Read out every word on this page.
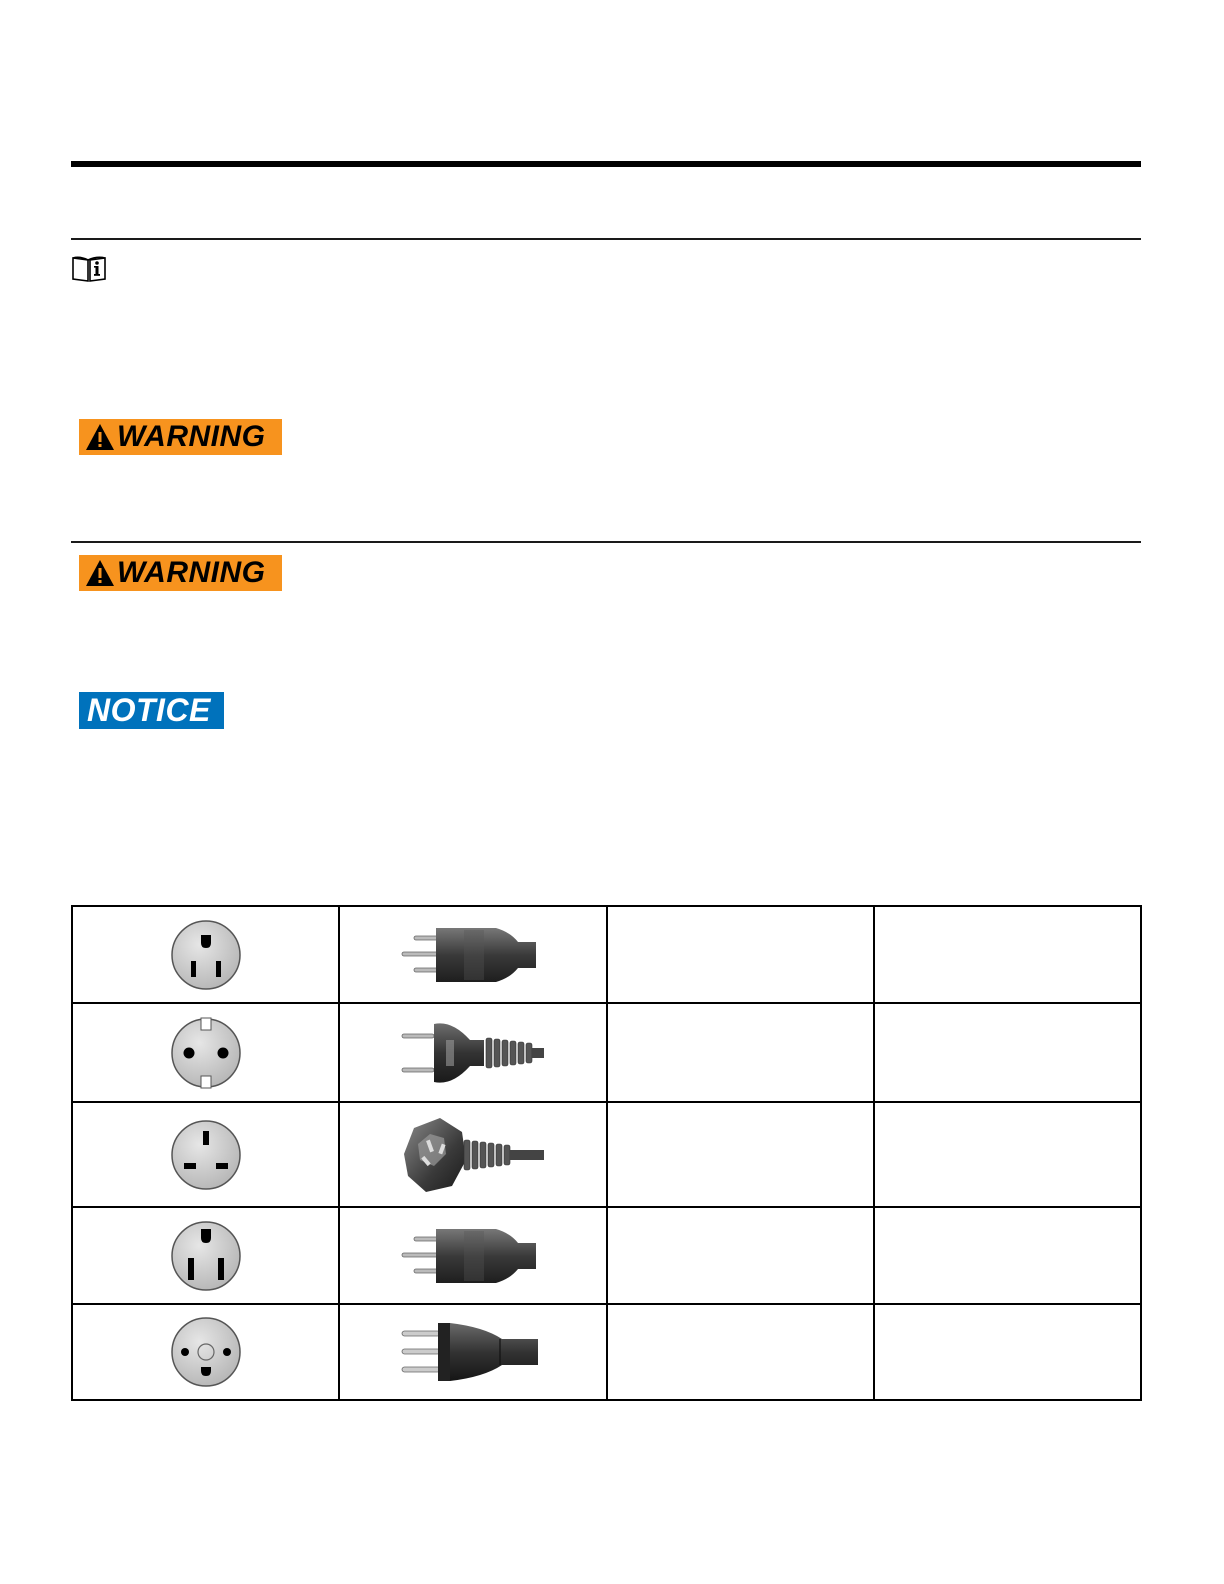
WARNING
WARNING
NOTICE
